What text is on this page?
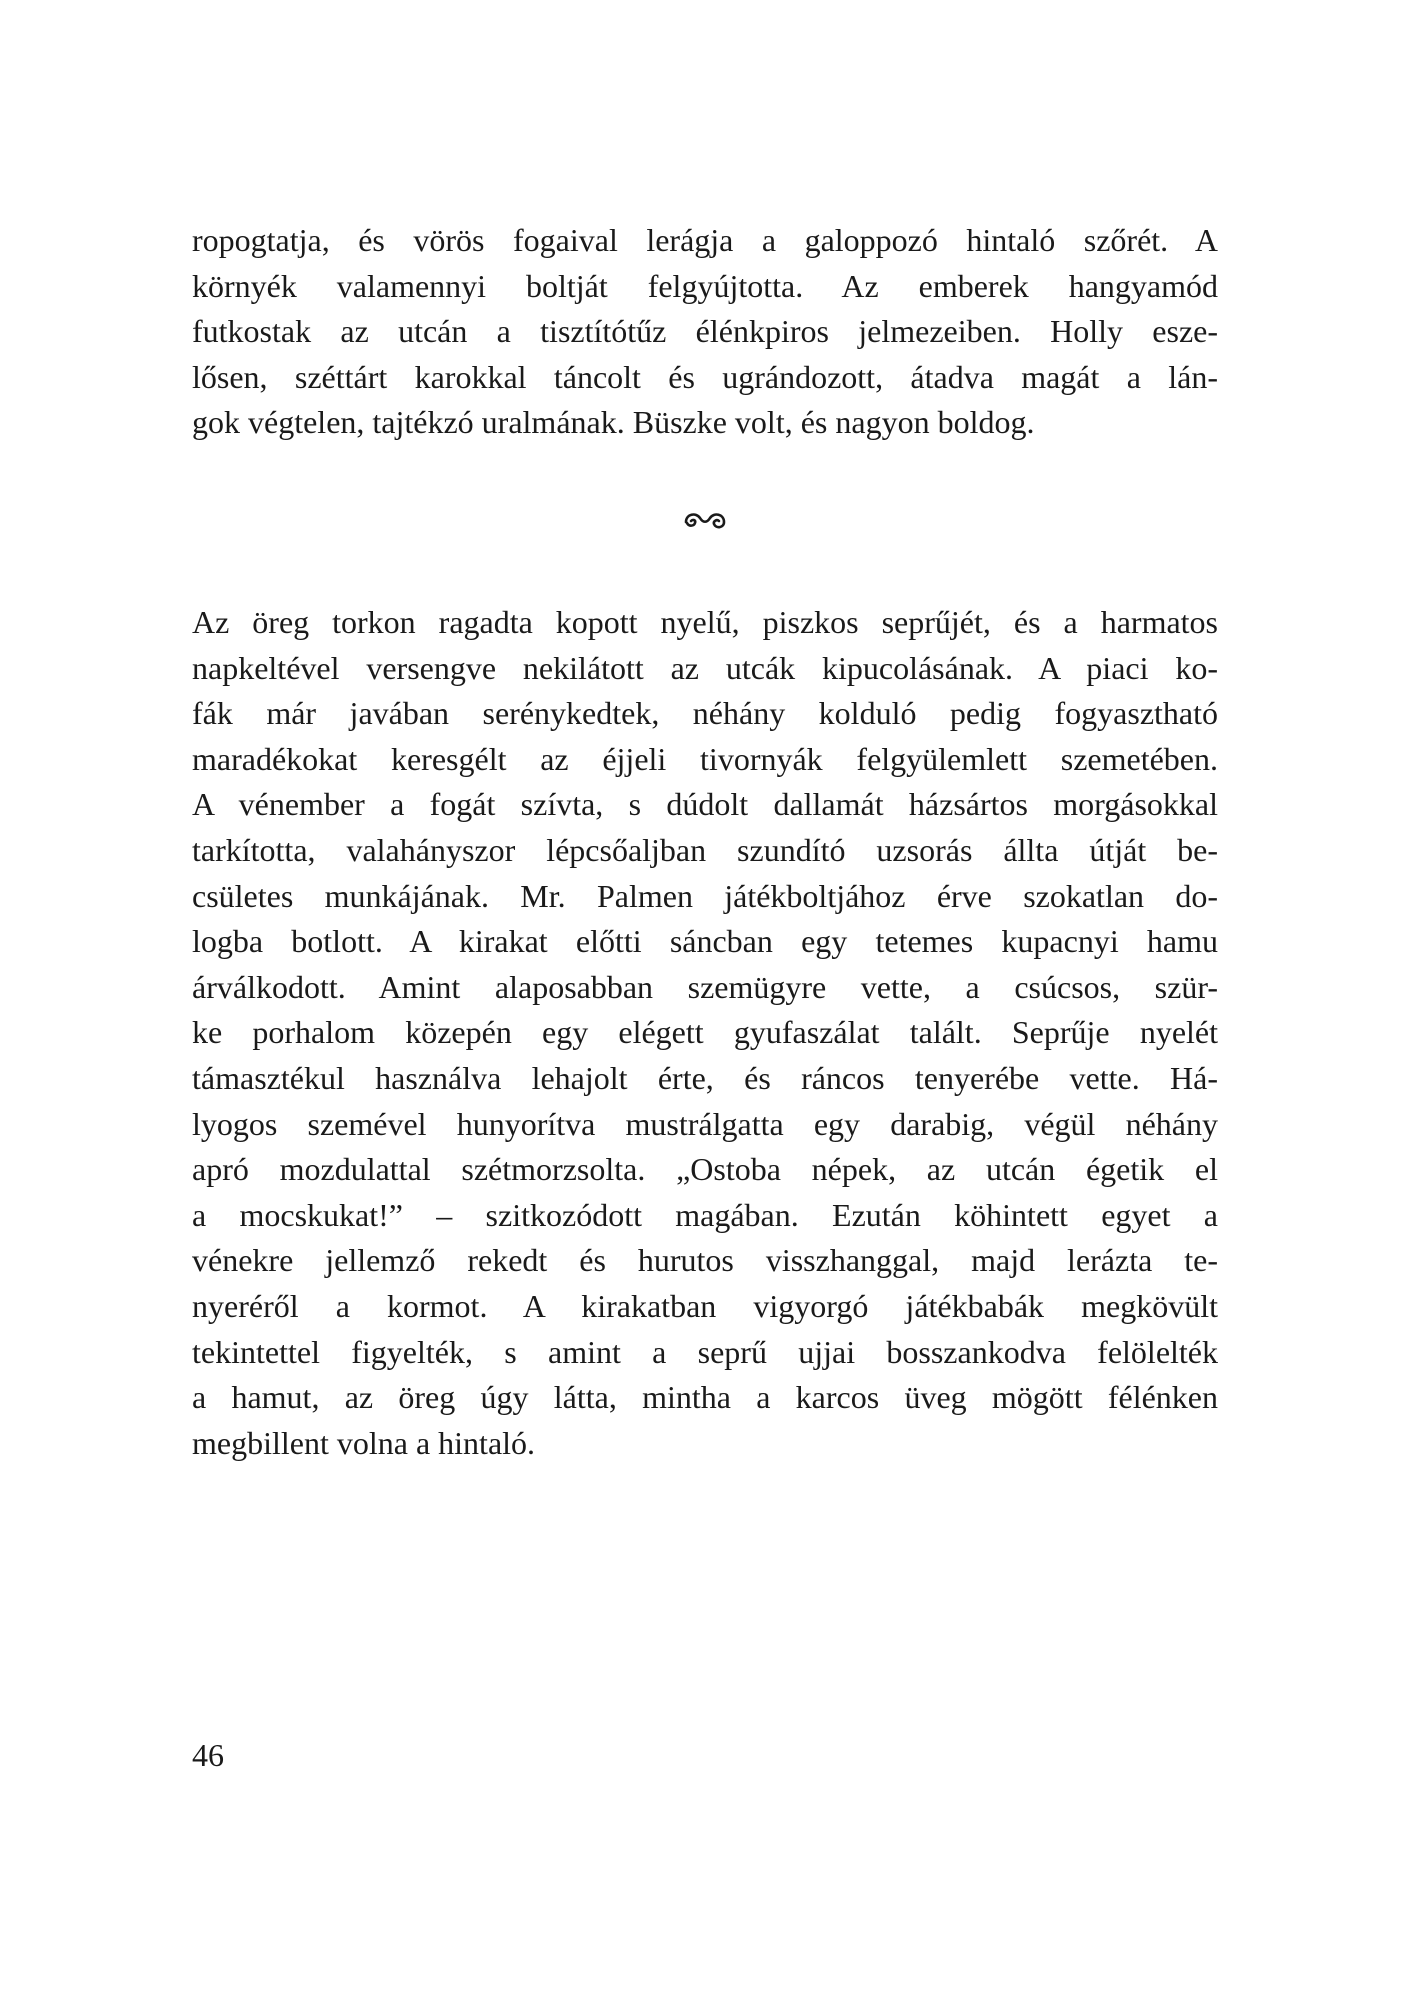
ropogtatja, és vörös fogaival lerágja a galoppozó hintaló szőrét. A
környék valamennyi boltját felgyújtotta. Az emberek hangyamód
futkostak az utcán a tisztítótűz élénkpiros jelmezeiben. Holly esze-
lősen, széttárt karokkal táncolt és ugrándozott, átadva magát a lán-
gok végtelen, tajtékzó uralmának. Büszke volt, és nagyon boldog.
Az öreg torkon ragadta kopott nyelű, piszkos seprűjét, és a harmatos
napkeltével versengve nekilátott az utcák kipucolásának. A piaci ko-
fák már javában serénykedtek, néhány kolduló pedig fogyasztható
maradékokat keresgélt az éjjeli tivornyák felgyülemlett szemetében.
A vénember a fogát szívta, s dúdolt dallamát házsártos morgásokkal
tarkította, valahányszor lépcsőaljban szundító uzsorás állta útját be-
csületes munkájának. Mr. Palmen játékboltjához érve szokatlan do-
logba botlott. A kirakat előtti sáncban egy tetemes kupacnyi hamu
árválkodott. Amint alaposabban szemügyre vette, a csúcsos, szür-
ke porhalom közepén egy elégett gyufaszálat talált. Seprűje nyelét
támasztékul használva lehajolt érte, és ráncos tenyerébe vette. Há-
lyogos szemével hunyorítva mustrálgatta egy darabig, végül néhány
apró mozdulattal szétmorzsolta. „Ostoba népek, az utcán égetik el
a mocskukat!” – szitkozódott magában. Ezután köhintett egyet a
vénekre jellemző rekedt és hurutos visszhanggal, majd lerázta te-
nyeréről a kormot. A kirakatban vigyorgó játékbabák megkövült
tekintettel figyelték, s amint a seprű ujjai bosszankodva felölelték
a hamut, az öreg úgy látta, mintha a karcos üveg mögött félénken
megbillent volna a hintaló.
46
